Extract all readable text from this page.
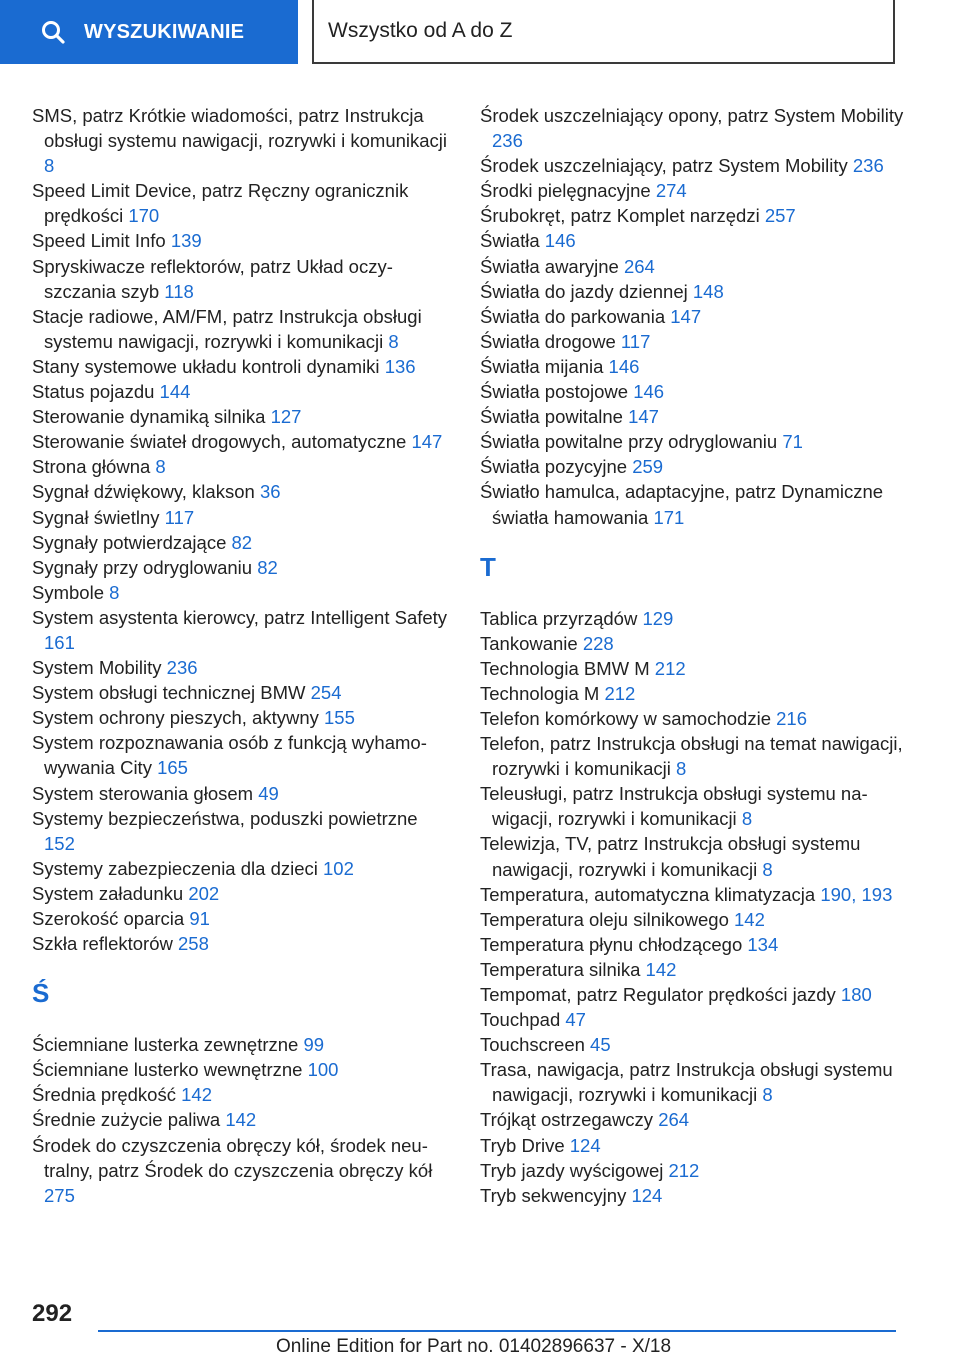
WYSZUKIWANIE	Wszystko od A do Z

SMS, patrz Krótkie wiadomości, patrz Instrukcja obsługi systemu nawigacji, rozrywki i komunikacji 8

Speed Limit Device, patrz Ręczny ogranicznik prędkości 170

Speed Limit Info 139

Spryskiwacze reflektorów, patrz Układ oczyszczania szyb 118

Stacje radiowe, AM/FM, patrz Instrukcja obsługi systemu nawigacji, rozrywki i komunikacji 8

Stany systemowe układu kontroli dynamiki 136

Status pojazdu 144

Sterowanie dynamiką silnika 127

Sterowanie świateł drogowych, automatyczne 147

Strona główna 8

Sygnał dźwiękowy, klakson 36

Sygnał świetlny 117

Sygnały potwierdzające 82

Sygnały przy odryglowaniu 82

Symbole 8

System asystenta kierowcy, patrz Intelligent Safety 161

System Mobility 236

System obsługi technicznej BMW 254

System ochrony pieszych, aktywny 155

System rozpoznawania osób z funkcją wyhamowywania City 165

System sterowania głosem 49

Systemy bezpieczeństwa, poduszki powietrzne 152

Systemy zabezpieczenia dla dzieci 102

System załadunku 202

Szerokość oparcia 91

Szkła reflektorów 258

Ś

Ściemniane lusterka zewnętrzne 99

Ściemniane lusterko wewnętrzne 100

Średnia prędkość 142

Średnie zużycie paliwa 142

Środek do czyszczenia obręczy kół, środek neutralny, patrz Środek do czyszczenia obręczy kół 275

Środek uszczelniający opony, patrz System Mobility 236

Środek uszczelniający, patrz System Mobility 236

Środki pielęgnacyjne 274

Śrubokręt, patrz Komplet narzędzi 257

Światła 146

Światła awaryjne 264

Światła do jazdy dziennej 148

Światła do parkowania 147

Światła drogowe 117

Światła mijania 146

Światła postojowe 146

Światła powitalne 147

Światła powitalne przy odryglowaniu 71

Światła pozycyjne 259

Światło hamulca, adaptacyjne, patrz Dynamiczne światła hamowania 171

T

Tablica przyrządów 129

Tankowanie 228

Technologia BMW M 212

Technologia M 212

Telefon komórkowy w samochodzie 216

Telefon, patrz Instrukcja obsługi na temat nawigacji, rozrywki i komunikacji 8

Teleusługi, patrz Instrukcja obsługi systemu nawigacji, rozrywki i komunikacji 8

Telewizja, TV, patrz Instrukcja obsługi systemu nawigacji, rozrywki i komunikacji 8

Temperatura, automatyczna klimatyzacja 190, 193

Temperatura oleju silnikowego 142

Temperatura płynu chłodzącego 134

Temperatura silnika 142

Tempomat, patrz Regulator prędkości jazdy 180

Touchpad 47

Touchscreen 45

Trasa, nawigacja, patrz Instrukcja obsługi systemu nawigacji, rozrywki i komunikacji 8

Trójkąt ostrzegawczy 264

Tryb Drive 124

Tryb jazdy wyścigowej 212

Tryb sekwencyjny 124

292
Online Edition for Part no. 01402896637 - X/18
